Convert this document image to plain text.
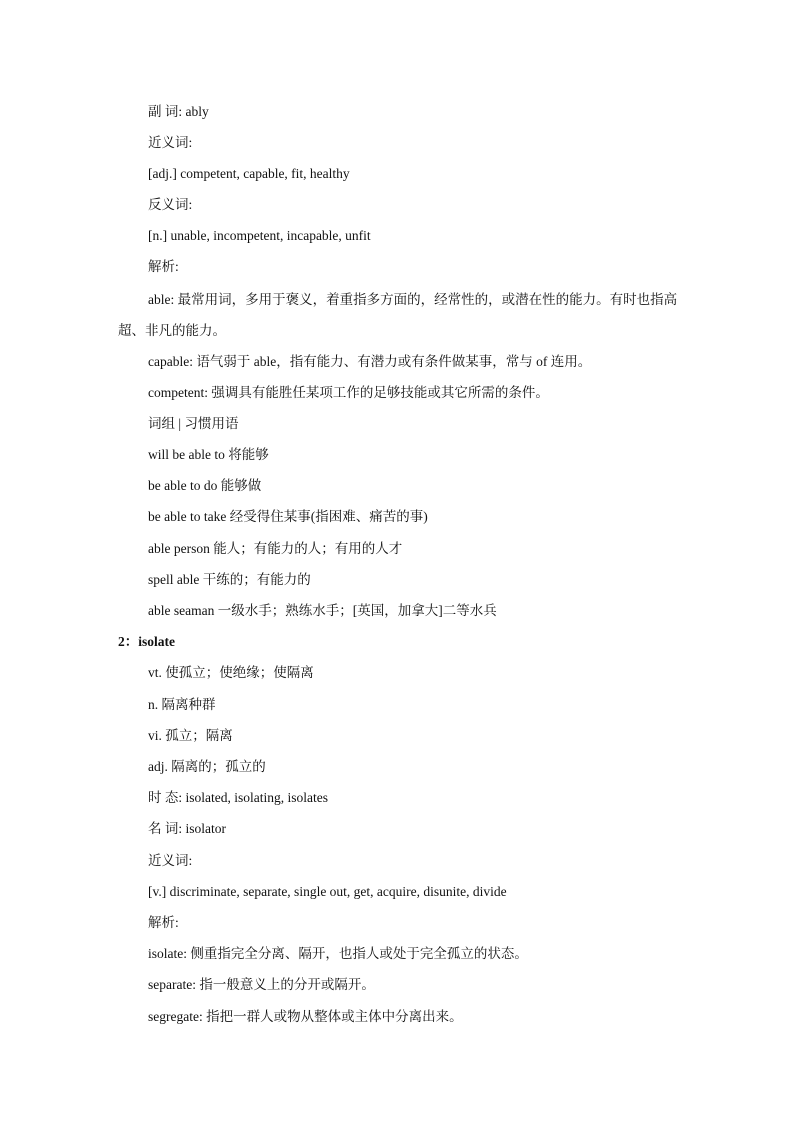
副 词: ably
近义词:
[adj.] competent, capable, fit, healthy
反义词:
[n.] unable, incompetent, incapable, unfit
解析:
able: 最常用词，多用于褒义，着重指多方面的，经常性的，或潜在性的能力。有时也指高超、非凡的能力。
capable: 语气弱于 able，指有能力、有潜力或有条件做某事，常与 of 连用。
competent: 强调具有能胜任某项工作的足够技能或其它所需的条件。
词组 | 习惯用语
will be able to 将能够
be able to do 能够做
be able to take 经受得住某事(指困难、痛苦的事)
able person 能人；有能力的人；有用的人才
spell able 干练的；有能力的
able seaman 一级水手；熟练水手；[英国，加拿大]二等水兵
2：isolate
vt. 使孤立；使绝缘；使隔离
n. 隔离种群
vi. 孤立；隔离
adj. 隔离的；孤立的
时 态: isolated, isolating, isolates
名 词: isolator
近义词:
[v.] discriminate, separate, single out, get, acquire, disunite, divide
解析:
isolate: 侧重指完全分离、隔开，也指人或处于完全孤立的状态。
separate: 指一般意义上的分开或隔开。
segregate: 指把一群人或物从整体或主体中分离出来。
